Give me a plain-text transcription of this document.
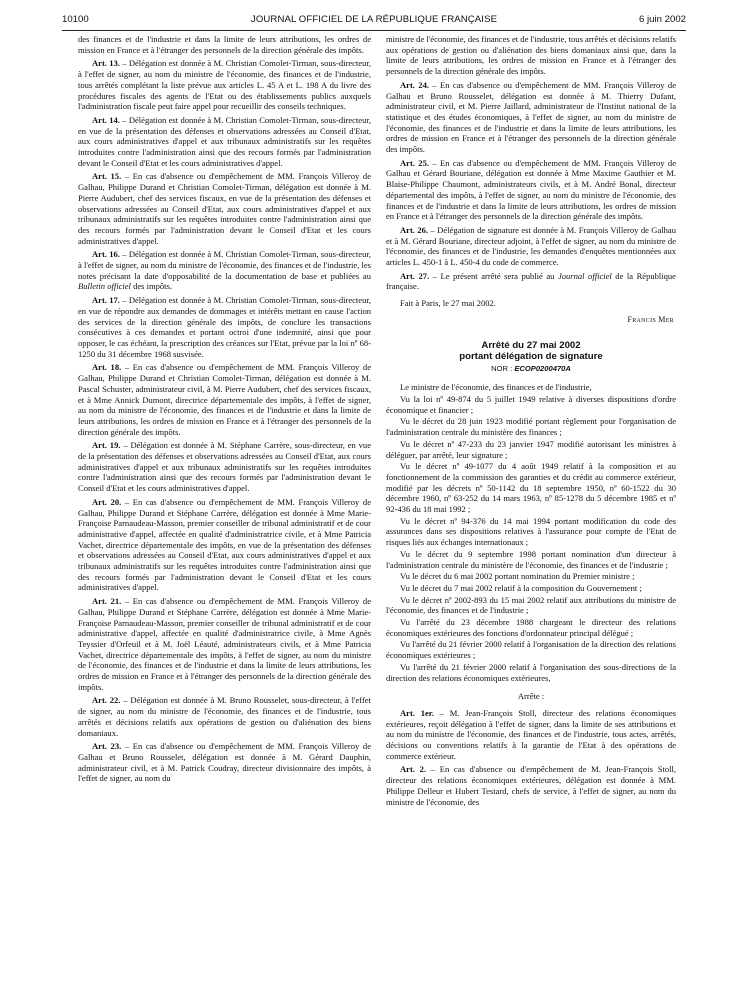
10100	JOURNAL OFFICIEL DE LA RÉPUBLIQUE FRANÇAISE	6 juin 2002

des finances et de l'industrie et dans la limite de leurs attributions, les ordres de mission en France et à l'étranger des personnels de la direction générale des impôts.

Art. 13. – Délégation est donnée à M. Christian Comolet-Tirman, sous-directeur, à l'effet de signer, au nom du ministre de l'économie, des finances et de l'industrie, tous arrêtés complétant la liste prévue aux articles L. 45 A et L. 198 A du livre des procédures fiscales des agents de l'Etat ou des établissements publics auxquels l'administration fiscale peut faire appel pour recueillir des conseils techniques.

Art. 14. – Délégation est donnée à M. Christian Comolet-Tirman, sous-directeur, en vue de la présentation des défenses et observations adressées au Conseil d'Etat, aux cours administratives d'appel et aux tribunaux administratifs sur les requêtes introduites contre l'administration ainsi que des recours formés par l'administration devant le Conseil d'Etat et les cours administratives d'appel.

Art. 15. – En cas d'absence ou d'empêchement de MM. François Villeroy de Galhau, Philippe Durand et Christian Comolet-Tirman, délégation est donnée à M. Pierre Audubert, chef des services fiscaux, en vue de la présentation des défenses et observations adressées au Conseil d'Etat, aux cours administratives d'appel et aux tribunaux administratifs sur les requêtes introduites contre l'administration ainsi que des recours formés par l'administration devant le Conseil d'Etat et les cours administratives d'appel.

Art. 16. – Délégation est donnée à M. Christian Comolet-Tirman, sous-directeur, à l'effet de signer, au nom du ministre de l'économie, des finances et de l'industrie, les notes précisant la date d'opposabilité de la documentation de base et publiées au Bulletin officiel des impôts.

Art. 17. – Délégation est donnée à M. Christian Comolet-Tirman, sous-directeur, en vue de répondre aux demandes de dommages et intérêts mettant en cause l'action des services de la direction générale des impôts, de conclure les transactions consécutives à ces demandes et portant octroi d'une indemnité, ainsi que pour opposer, le cas échéant, la prescription des créances sur l'Etat, prévue par la loi nº 68-1250 du 31 décembre 1968 susvisée.

Art. 18. – En cas d'absence ou d'empêchement de MM. François Villeroy de Galhau, Philippe Durand et Christian Comolet-Tirman, délégation est donnée à M. Pascal Schuster, administrateur civil, à M. Pierre Audubert, chef des services fiscaux, et à Mme Annick Dumont, directrice départementale des impôts, à l'effet de signer, au nom du ministre de l'économie, des finances et de l'industrie et dans la limite de leurs attributions, les ordres de mission en France et à l'étranger des personnels de la direction générale des impôts.

Art. 19. – Délégation est donnée à M. Stéphane Carrère, sous-directeur, en vue de la présentation des défenses et observations adressées au Conseil d'Etat, aux cours administratives d'appel et aux tribunaux administratifs sur les requêtes introduites contre l'administration ainsi que des recours formés par l'administration devant le Conseil d'Etat et les cours administratives d'appel.

Art. 20. – En cas d'absence ou d'empêchement de MM. François Villeroy de Galhau, Philippe Durand et Stéphane Carrère, délégation est donnée à Mme Marie-Françoise Parnaudeau-Masson, premier conseiller de tribunal administratif et de cour administrative d'appel, affectée en qualité d'administratrice civile, et à Mme Patricia Vachet, directrice départementale des impôts, en vue de la présentation des défenses et observations adressées au Conseil d'Etat, aux cours administratives d'appel et aux tribunaux administratifs sur les requêtes introduites contre l'administration ainsi que des recours formés par l'administration devant le Conseil d'Etat et les cours administratives d'appel.

Art. 21. – En cas d'absence ou d'empêchement de MM. François Villeroy de Galhau, Philippe Durand et Stéphane Carrère, délégation est donnée à Mme Marie-Françoise Parnaudeau-Masson, premier conseiller de tribunal administratif et de cour administrative d'appel, affectée en qualité d'administratrice civile, à Mme Agnès Teyssier d'Orfeuil et à M. Joël Léauté, administrateurs civils, et à Mme Patricia Vachet, directrice départementale des impôts, à l'effet de signer, au nom du ministre de l'économie, des finances et de l'industrie et dans la limite de leurs attributions, les ordres de mission en France et à l'étranger des personnels de la direction générale des impôts.

Art. 22. – Délégation est donnée à M. Bruno Rousselet, sous-directeur, à l'effet de signer, au nom du ministre de l'économie, des finances et de l'industrie, tous arrêtés et décisions relatifs aux opérations de gestion ou d'aliénation des biens domaniaux.

Art. 23. – En cas d'absence ou d'empêchement de MM. François Villeroy de Galhau et Bruno Rousselet, délégation est donnée à M. Gérard Dauphin, administrateur civil, et à M. Patrick Coudray, directeur divisionnaire des impôts, à l'effet de signer, au nom du

ministre de l'économie, des finances et de l'industrie, tous arrêtés et décisions relatifs aux opérations de gestion ou d'aliénation des biens domaniaux ainsi que, dans la limite de leurs attributions, les ordres de mission en France et à l'étranger des personnels de la direction générale des impôts.

Art. 24. – En cas d'absence ou d'empêchement de MM. François Villeroy de Galhau et Bruno Rousselet, délégation est donnée à M. Thierry Dufant, administrateur civil, et M. Pierre Jaillard, administrateur de l'Institut national de la statistique et des études économiques, à l'effet de signer, au nom du ministre de l'économie, des finances et de l'industrie et dans la limite de leurs attributions, les ordres de mission en France et à l'étranger des personnels de la direction générale des impôts.

Art. 25. – En cas d'absence ou d'empêchement de MM. François Villeroy de Galhau et Gérard Bouriane, délégation est donnée à Mme Maxime Gauthier et M. Blaise-Philippe Chaumont, administrateurs civils, et à M. André Bonal, directeur départemental des impôts, à l'effet de signer, au nom du ministre de l'économie, des finances et de l'industrie et dans la limite de leurs attributions, les ordres de mission en France et à l'étranger des personnels de la direction générale des impôts.

Art. 26. – Délégation de signature est donnée à M. François Villeroy de Galhau et à M. Gérard Bouriane, directeur adjoint, à l'effet de signer, au nom du ministre de l'économie, des finances et de l'industrie, les demandes d'enquêtes mentionnées aux articles L. 450-1 à L. 450-4 du code de commerce.

Art. 27. – Le présent arrêté sera publié au Journal officiel de la République française.

Fait à Paris, le 27 mai 2002.

Francis Mer
Arrêté du 27 mai 2002
portant délégation de signature
NOR : ECOP0200470A

Le ministre de l'économie, des finances et de l'industrie,

Vu la loi nº 49-874 du 5 juillet 1949 relative à diverses dispositions d'ordre économique et financier ;

Vu le décret du 28 juin 1923 modifié portant règlement pour l'organisation de l'administration centrale du ministère des finances ;

Vu le décret nº 47-233 du 23 janvier 1947 modifié autorisant les ministres à déléguer, par arrêté, leur signature ;

Vu le décret nº 49-1077 du 4 août 1949 relatif à la composition et au fonctionnement de la commission des garanties et du crédit au commerce extérieur, modifié par les décrets nº 50-1142 du 18 septembre 1950, nº 60-1522 du 30 décembre 1960, nº 63-252 du 14 mars 1963, nº 85-1278 du 5 décembre 1985 et nº 92-436 du 18 mai 1992 ;

Vu le décret nº 94-376 du 14 mai 1994 portant modification du code des assurances dans ses dispositions relatives à l'assurance pour compte de l'Etat de risques liés aux échanges internationaux ;

Vu le décret du 9 septembre 1998 portant nomination d'un directeur à l'administration centrale du ministère de l'économie, des finances et de l'industrie ;

Vu le décret du 6 mai 2002 portant nomination du Premier ministre ;

Vu le décret du 7 mai 2002 relatif à la composition du Gouvernement ;

Vu le décret nº 2002-893 du 15 mai 2002 relatif aux attributions du ministre de l'économie, des finances et de l'industrie ;

Vu l'arrêté du 23 décembre 1988 chargeant le directeur des relations économiques extérieures des fonctions d'ordonnateur principal délégué ;

Vu l'arrêté du 21 février 2000 relatif à l'organisation de la direction des relations économiques extérieures ;

Vu l'arrêté du 21 février 2000 relatif à l'organisation des sous-directions de la direction des relations économiques extérieures,

Arrête :

Art. 1er. – M. Jean-François Stoll, directeur des relations économiques extérieures, reçoit délégation à l'effet de signer, dans la limite de ses attributions et au nom du ministre de l'économie, des finances et de l'industrie, tous actes, arrêtés, décisions ou conventions relatifs à la garantie de l'Etat à des opérations de commerce extérieur.

Art. 2. – En cas d'absence ou d'empêchement de M. Jean-François Stoll, directeur des relations économiques extérieures, délégation est donnée à MM. Philippe Delleur et Hubert Testard, chefs de service, à l'effet de signer, au nom du ministre de l'économie, des
